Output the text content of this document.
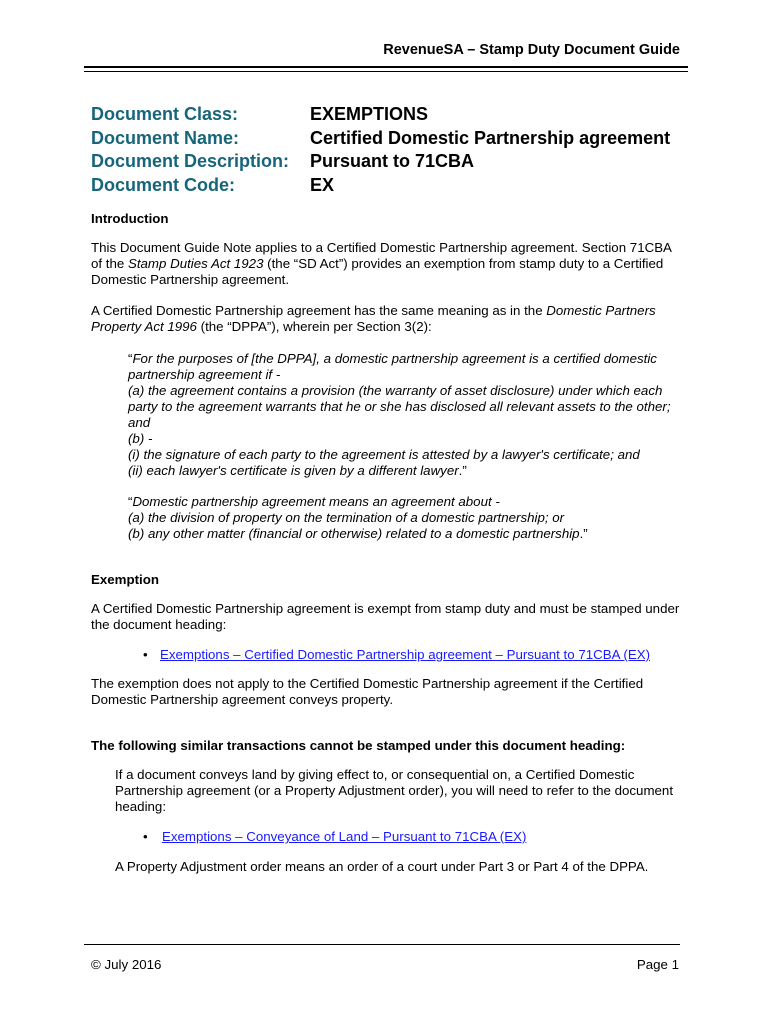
RevenueSA – Stamp Duty Document Guide
Document Class:	EXEMPTIONS
Document Name:	Certified Domestic Partnership agreement
Document Description:	Pursuant to 71CBA
Document Code:	EX

Introduction

This Document Guide Note applies to a Certified Domestic Partnership agreement. Section 71CBA of the Stamp Duties Act 1923 (the “SD Act”) provides an exemption from stamp duty to a Certified Domestic Partnership agreement.

A Certified Domestic Partnership agreement has the same meaning as in the Domestic Partners Property Act 1996 (the “DPPA”), wherein per Section 3(2):

“For the purposes of [the DPPA], a domestic partnership agreement is a certified domestic partnership agreement if -
(a) the agreement contains a provision (the warranty of asset disclosure) under which each party to the agreement warrants that he or she has disclosed all relevant assets to the other; and
(b) -
(i) the signature of each party to the agreement is attested by a lawyer's certificate; and
(ii) each lawyer's certificate is given by a different lawyer.”
“Domestic partnership agreement means an agreement about -
(a) the division of property on the termination of a domestic partnership; or
(b) any other matter (financial or otherwise) related to a domestic partnership.”

Exemption

A Certified Domestic Partnership agreement is exempt from stamp duty and must be stamped under the document heading:

• Exemptions – Certified Domestic Partnership agreement – Pursuant to 71CBA (EX)

The exemption does not apply to the Certified Domestic Partnership agreement if the Certified Domestic Partnership agreement conveys property.

The following similar transactions cannot be stamped under this document heading:

If a document conveys land by giving effect to, or consequential on, a Certified Domestic Partnership agreement (or a Property Adjustment order), you will need to refer to the document heading:

• Exemptions – Conveyance of Land – Pursuant to 71CBA (EX)

A Property Adjustment order means an order of a court under Part 3 or Part 4 of the DPPA.

© July 2016	Page 1
